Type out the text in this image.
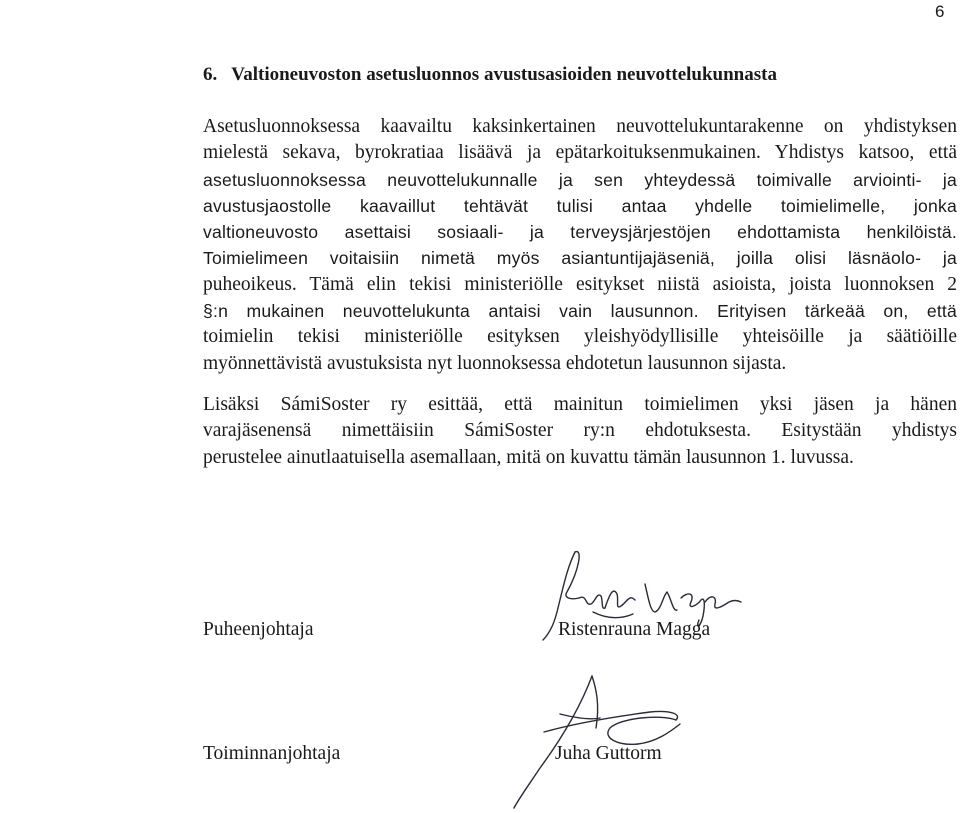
6
6. Valtioneuvoston asetusluonnos avustusasioiden neuvottelukunnasta
Asetusluonnoksessa kaavailtu kaksinkertainen neuvottelukuntarakenne on yhdistyksen
mielestä sekava, byrokratiaa lisäävä ja epätarkoituksenmukainen. Yhdistys katsoo, että
asetusluonnoksessa neuvottelukunnalle ja sen yhteydessä toimivalle arviointi- ja
avustusjaostolle kaavaillut tehtävät tulisi antaa yhdelle toimielimelle, jonka
valtioneuvosto asettaisi sosiaali- ja terveysjärjestöjen ehdottamista henkilöistä.
Toimielimeen voitaisiin nimetä myös asiantuntijajäseniä, joilla olisi läsnäolo- ja
puheoikeus. Tämä elin tekisi ministeriölle esitykset niistä asioista, joista luonnoksen 2
§:n mukainen neuvottelukunta antaisi vain lausunnon. Erityisen tärkeää on, että
toimielin tekisi ministeriölle esityksen yleishyödyllisille yhteisöille ja säätiöille
myönnettävistä avustuksista nyt luonnoksessa ehdotetun lausunnon sijasta.
Lisäksi SámiSoster ry esittää, että mainitun toimielimen yksi jäsen ja hänen
varajäsenensä nimettäisiin SámiSoster ry:n ehdotuksesta. Esitystään yhdistys
perustelee ainutlaatuisella asemallaan, mitä on kuvattu tämän lausunnon 1. luvussa.
Puheenjohtaja	Ristenrauna Magga
Toiminnanjohtaja	Juha Guttorm
